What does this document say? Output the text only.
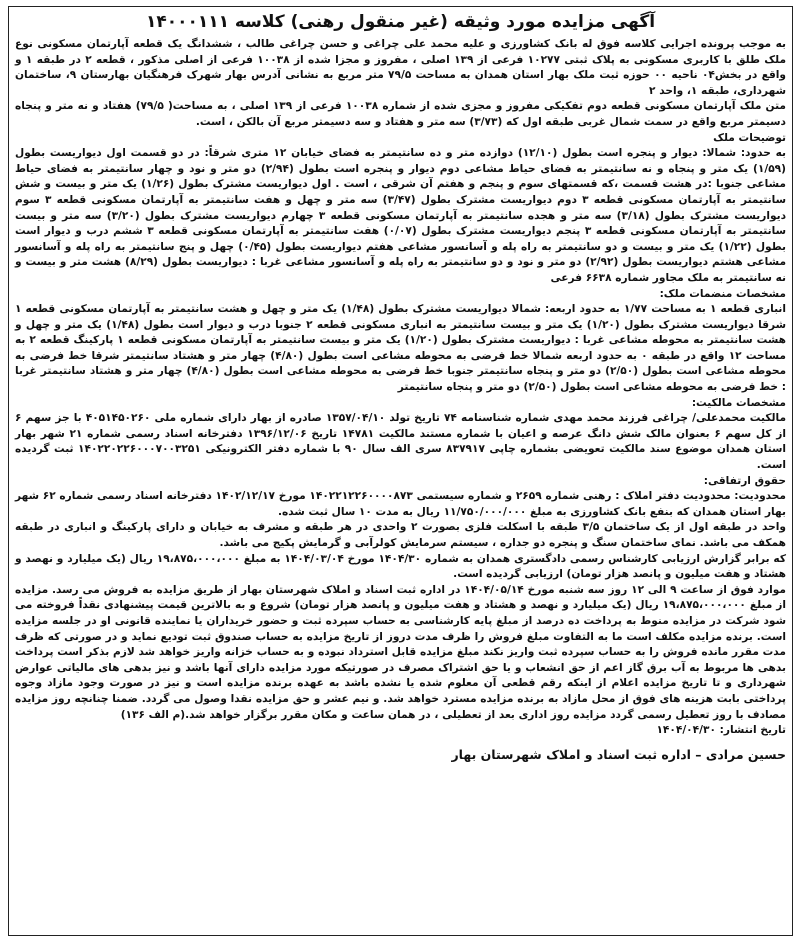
آگهی مزایده مورد وثیقه (غیر منقول رهنی) کلاسه ۱۴۰۰۰۱۱۱

به موجب پرونده اجرایی کلاسه فوق له بانک کشاورزی و علیه محمد علی چراغی و حسن چراغی طالب ، ششدانگ یک قطعه آپارتمان مسکونی نوع ملک طلق با کاربری مسکونی به پلاک ثبتی ۱۰۲۷۷ فرعی از ۱۳۹ اصلی ، مفروز و مجزا شده از ۱۰۰۳۸ فرعی از اصلی مذکور ، قطعه ۲ در طبقه ۱ و واقع در بخش۰۴ ناحیه ۰۰ حوزه ثبت ملک بهار استان همدان به مساحت ۷۹/۵ متر مربع به نشانی آدرس بهار شهرک فرهنگیان بهارستان ۹، ساختمان شهرداری، طبقه ۱، واحد ۲

متن ملک آپارتمان مسکونی قطعه دوم تفکیکی مفروز و مجزی شده از شماره ۱۰۰۳۸ فرعی از ۱۳۹ اصلی ، به مساحت( ۷۹/۵) هفتاد و نه متر و پنجاه دسیمتر مربع واقع در سمت شمال غربی طبقه اول که (۳/۷۳) سه متر و هفتاد و سه دسیمتر مربع آن بالکن ، است.

توضیحات ملک

به حدود: شمالا: دیوار و پنجره است بطول (۱۲/۱۰) دوازده متر و ده سانتیمتر به فضای خیابان ۱۲ متری شرقاً: در دو قسمت اول دیواریست بطول (۱/۵۹) یک متر و پنجاه و نه سانتیمتر به فضای حیاط مشاعی دوم دیوار و پنجره است بطول (۲/۹۴) دو متر و نود و چهار سانتیمتر به فضای حیاط مشاعی جنوبا :در هشت قسمت ،که قسمتهای سوم و پنجم و هفتم آن شرقی ، است . اول دیواریست مشترک بطول (۱/۲۶) یک متر و بیست و شش سانتیمتر به آپارتمان مسکونی قطعه ۳ دوم دیواریست مشترک بطول (۳/۴۷) سه متر و چهل و هفت سانتیمتر به آپارتمان مسکونی قطعه ۳ سوم دیواریست مشترک بطول (۳/۱۸) سه متر و هجده سانتیمتر به آپارتمان مسکونی قطعه ۳ چهارم دیواریست مشترک بطول (۳/۲۰) سه متر و بیست سانتیمتر به آپارتمان مسکونی قطعه ۳ پنجم دیواریست مشترک بطول (۰/۰۷) هفت سانتیمتر به آپارتمان مسکونی قطعه ۳ ششم درب و دیوار است بطول (۱/۲۲) یک متر و بیست و دو سانتیمتر به راه پله و آسانسور مشاعی هفتم دیواریست بطول (۰/۴۵) چهل و پنج سانتیمتر به راه پله و آسانسور مشاعی هشتم دیواریست بطول (۲/۹۲) دو متر و نود و دو سانتیمتر به راه پله و آسانسور مشاعی غربا : دیواریست بطول (۸/۲۹) هشت متر و بیست و نه سانتیمتر به ملک مجاور شماره ۶۶۳۸ فرعی

مشخصات منضمات ملک:

انباری قطعه ۱ به مساحت ۱/۷۷ به حدود اربعه: شمالا دیواریست مشترک بطول (۱/۴۸) یک متر و چهل و هشت سانتیمتر به آپارتمان مسکونی قطعه ۱ شرقا دیواریست مشترک بطول (۱/۲۰) یک متر و بیست سانتیمتر به انباری مسکونی قطعه ۲ جنوبا درب و دیوار است بطول (۱/۴۸) یک متر و چهل و هشت سانتیمتر به محوطه مشاعی غربا : دیواریست مشترک بطول (۱/۲۰) یک متر و بیست سانتیمتر به آپارتمان مسکونی قطعه ۱ پارکینگ قطعه ۲ به مساحت ۱۲ واقع در طبقه ۰ به حدود اربعه شمالا خط فرضی به محوطه مشاعی است بطول (۴/۸۰) چهار متر و هشتاد سانتیمتر شرقا خط فرضی به محوطه مشاعی است بطول (۲/۵۰) دو متر و پنجاه سانتیمتر جنوبا خط فرضی به محوطه مشاعی است بطول (۴/۸۰) چهار متر و هشتاد سانتیمتر غربا : خط فرضی به محوطه مشاعی است بطول (۲/۵۰) دو متر و پنجاه سانتیمتر

مشخصات مالکیت:

مالکیت محمدعلی/ چراغی فرزند محمد مهدی شماره شناسنامه ۷۴ تاریخ تولد ۱۳۵۷/۰۴/۱۰ صادره از بهار دارای شماره ملی ۴۰۵۱۴۵۰۲۶۰ با جز سهم ۶ از کل سهم ۶ بعنوان مالک شش دانگ عرصه و اعیان با شماره مستند مالکیت ۱۴۷۸۱ تاریخ ۱۳۹۶/۱۲/۰۶ دفترخانه اسناد رسمی شماره ۲۱ شهر بهار استان همدان موضوع سند مالکیت تعویضی بشماره چاپی ۸۳۷۹۱۷ سری الف سال ۹۰ با شماره دفتر الکترونیکی ۱۴۰۲۲۰۲۲۶۰۰۰۷۰۰۳۲۵۱ ثبت گردیده است.

حقوق ارتفاقی:

محدودیت: محدودیت دفتر املاک : رهنی شماره ۲۶۵۹ و شماره سیستمی ۱۴۰۲۲۱۲۲۶۰۰۰۰۸۷۳ مورخ ۱۴۰۲/۱۲/۱۷ دفترخانه اسناد رسمی شماره ۶۲ شهر بهار استان همدان که بنفع بانک کشاورزی به مبلغ ۱۱/۷۵۰/۰۰۰/۰۰۰ ریال به مدت ۱۰ سال ثبت شده.

واحد در طبقه اول از یک ساختمان ۳/۵ طبقه با اسکلت فلزی بصورت ۲ واحدی در هر طبقه و مشرف به خیابان و دارای پارکینگ و انباری در طبقه همکف می باشد. نمای ساختمان سنگ و پنجره دو جداره ، سیستم سرمایش کولرآبی و گرمایش پکیج می باشد.

که برابر گزارش ارزیابی کارشناس رسمی دادگستری همدان به شماره ۱۴۰۴/۳۰ مورخ ۱۴۰۴/۰۳/۰۴ به مبلغ ۱۹،۸۷۵،۰۰۰،۰۰۰ ریال (یک میلیارد و نهصد و هشتاد و هفت میلیون و پانصد هزار تومان) ارزیابی گردیده است.

موارد فوق از ساعت ۹ الی ۱۲ روز سه شنبه مورخ ۱۴۰۴/۰۵/۱۴ در اداره ثبت اسناد و املاک شهرستان بهار از طریق مزایده به فروش می رسد. مزایده از مبلغ ۱۹،۸۷۵،۰۰۰،۰۰۰ ریال (یک میلیارد و نهصد و هشتاد و هفت میلیون و پانصد هزار تومان) شروع و به بالاترین قیمت پیشنهادی نقداً فروخته می شود شرکت در مزایده منوط به پرداخت ده درصد از مبلغ پایه کارشناسی به حساب سپرده ثبت و حضور خریداران یا نماینده قانونی او در جلسه مزایده است. برنده مزایده مکلف است ما به التفاوت مبلغ فروش را ظرف مدت دروز از تاریخ مزایده به حساب صندوق ثبت تودیع نماید و در صورتی که ظرف مدت مقرر مانده فروش را به حساب سپرده ثبت واریز نکند مبلغ مزایده قابل استرداد نبوده و به حساب خزانه واریز خواهد شد لازم بذکر است پرداخت بدهی ها مربوط به آب برق گاز اعم از حق انشعاب و یا حق اشتراک مصرف در صورتیکه مورد مزایده دارای آنها باشد و نیز بدهی های مالیاتی عوارض شهرداری و تا تاریخ مزایده اعلام از اینکه رقم قطعی آن معلوم شده یا نشده باشد به عهده برنده مزایده است و نیز در صورت وجود مازاد وجوه پرداختی بابت هزینه های فوق از محل مازاد به برنده مزایده مسترد خواهد شد. و نیم عشر و حق مزایده نقدا وصول می گردد. ضمنا چنانچه روز مزایده مصادف با روز تعطیل رسمی گردد مزایده روز اداری بعد از تعطیلی ، در همان ساعت و مکان مقرر برگزار خواهد شد.(م الف ۱۳۶)

تاریخ انتشار: ۱۴۰۴/۰۴/۳۰
حسین مرادی – اداره ثبت اسناد و املاک شهرستان بهار
